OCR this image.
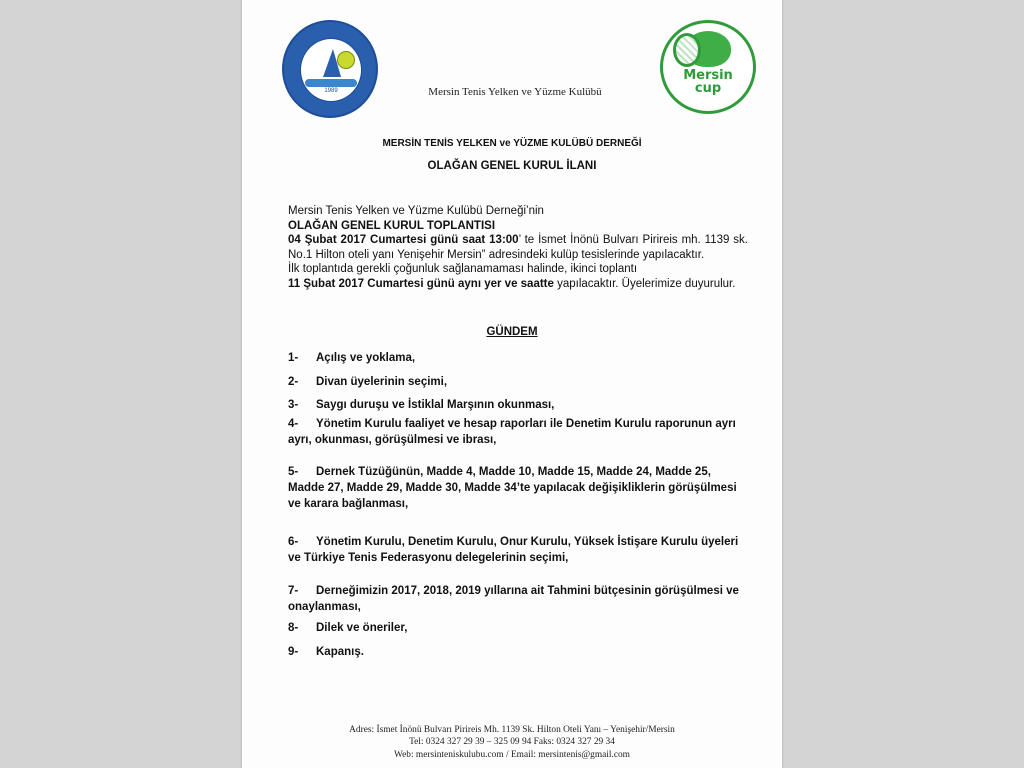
1989	Mersin Tenis Yelken ve Yüzme Kulübü
Mersin
cup
MERSİN TENİS YELKEN ve YÜZME KULÜBÜ DERNEĞİ
OLAĞAN GENEL KURUL İLANI
Mersin Tenis Yelken ve Yüzme Kulübü Derneği’nin
OLAĞAN GENEL KURUL TOPLANTISI
04 Şubat 2017 Cumartesi günü saat 13:00’ te İsmet İnönü Bulvarı Pirireis mh. 1139 sk. No.1 Hilton oteli yanı Yenişehir Mersin” adresindeki kulüp tesislerinde yapılacaktır.
İlk toplantıda gerekli çoğunluk sağlanamaması halinde, ikinci toplantı
11 Şubat 2017 Cumartesi günü aynı yer ve saatte yapılacaktır. Üyelerimize duyurulur.
GÜNDEM
1- Açılış ve yoklama,
2- Divan üyelerinin seçimi,
3- Saygı duruşu ve İstiklal Marşının okunması,
4- Yönetim Kurulu faaliyet ve hesap raporları ile Denetim Kurulu raporunun ayrı ayrı, okunması, görüşülmesi ve ibrası,
5- Dernek Tüzüğünün, Madde 4, Madde 10, Madde 15, Madde 24, Madde 25, Madde 27, Madde 29, Madde 30, Madde 34’te yapılacak değişikliklerin görüşülmesi ve karara bağlanması,
6- Yönetim Kurulu, Denetim Kurulu, Onur Kurulu, Yüksek İstişare Kurulu üyeleri ve Türkiye Tenis Federasyonu delegelerinin seçimi,
7- Derneğimizin 2017, 2018, 2019 yıllarına ait Tahmini bütçesinin görüşülmesi ve onaylanması,
8- Dilek ve öneriler,
9- Kapanış.
Adres: İsmet İnönü Bulvarı Pirireis Mh. 1139 Sk. Hilton Oteli Yanı – Yenişehir/Mersin
Tel: 0324 327 29 39 – 325 09 94 Faks: 0324 327 29 34
Web: mersinteniskulubu.com / Email: mersintenis@gmail.com
